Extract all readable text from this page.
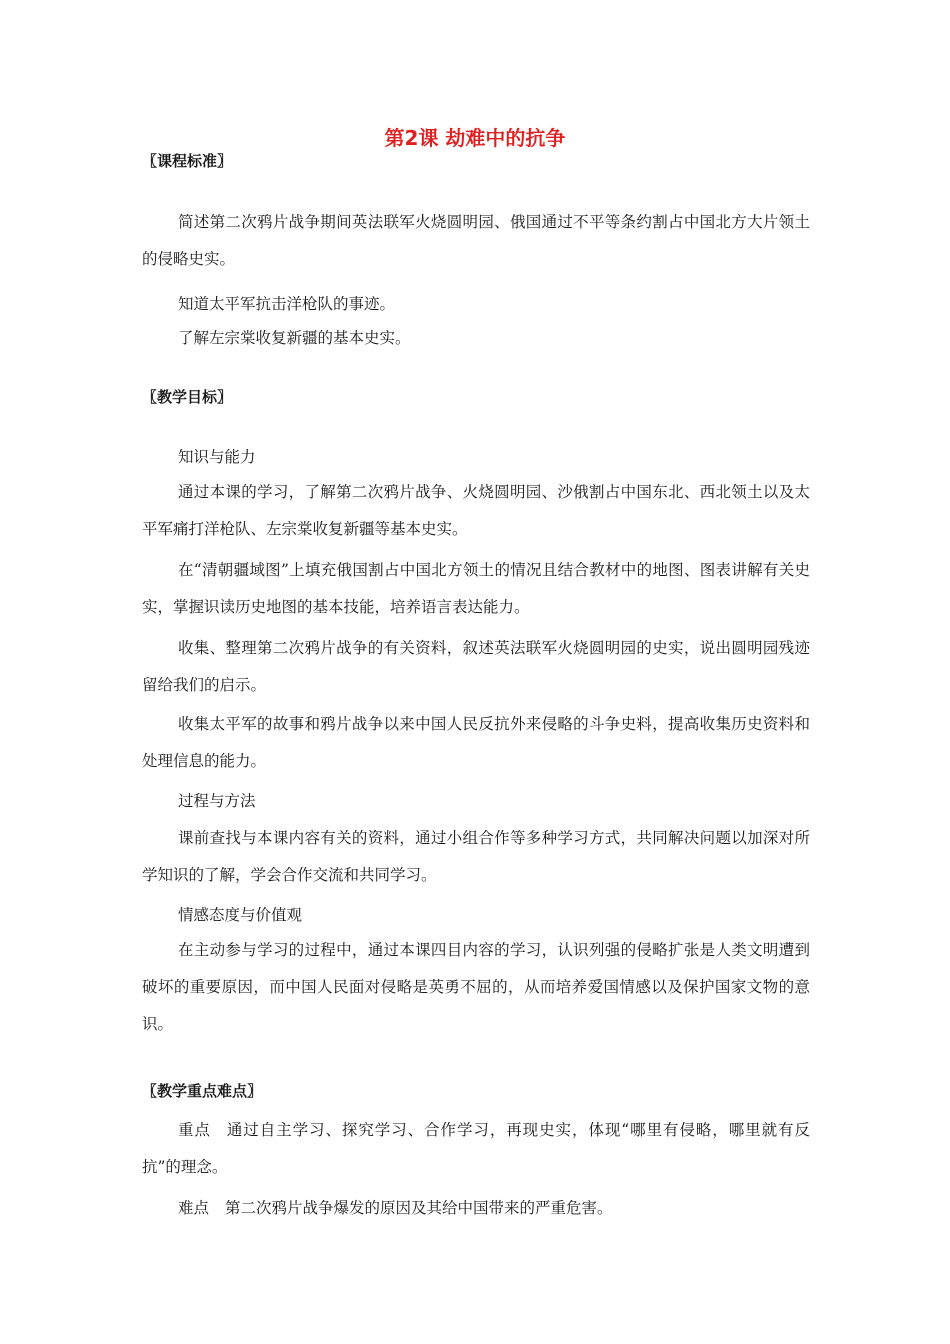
第2课 劫难中的抗争
〖课程标准〗

简述第二次鸦片战争期间英法联军火烧圆明园、俄国通过不平等条约割占中国北方大片领土的侵略史实。

知道太平军抗击洋枪队的事迹。

了解左宗棠收复新疆的基本史实。

〖教学目标〗
知识与能力

通过本课的学习，了解第二次鸦片战争、火烧圆明园、沙俄割占中国东北、西北领土以及太平军痛打洋枪队、左宗棠收复新疆等基本史实。

在“清朝疆域图”上填充俄国割占中国北方领土的情况且结合教材中的地图、图表讲解有关史实，掌握识读历史地图的基本技能，培养语言表达能力。

收集、整理第二次鸦片战争的有关资料，叙述英法联军火烧圆明园的史实，说出圆明园残迹留给我们的启示。

收集太平军的故事和鸦片战争以来中国人民反抗外来侵略的斗争史料，提高收集历史资料和处理信息的能力。

过程与方法

课前查找与本课内容有关的资料，通过小组合作等多种学习方式，共同解决问题以加深对所学知识的了解，学会合作交流和共同学习。

情感态度与价值观

在主动参与学习的过程中，通过本课四目内容的学习，认识列强的侵略扩张是人类文明遭到破坏的重要原因，而中国人民面对侵略是英勇不屈的，从而培养爱国情感以及保护国家文物的意识。

〖教学重点难点〗

重点 通过自主学习、探究学习、合作学习，再现史实，体现“哪里有侵略，哪里就有反抗”的理念。

难点 第二次鸦片战争爆发的原因及其给中国带来的严重危害。
